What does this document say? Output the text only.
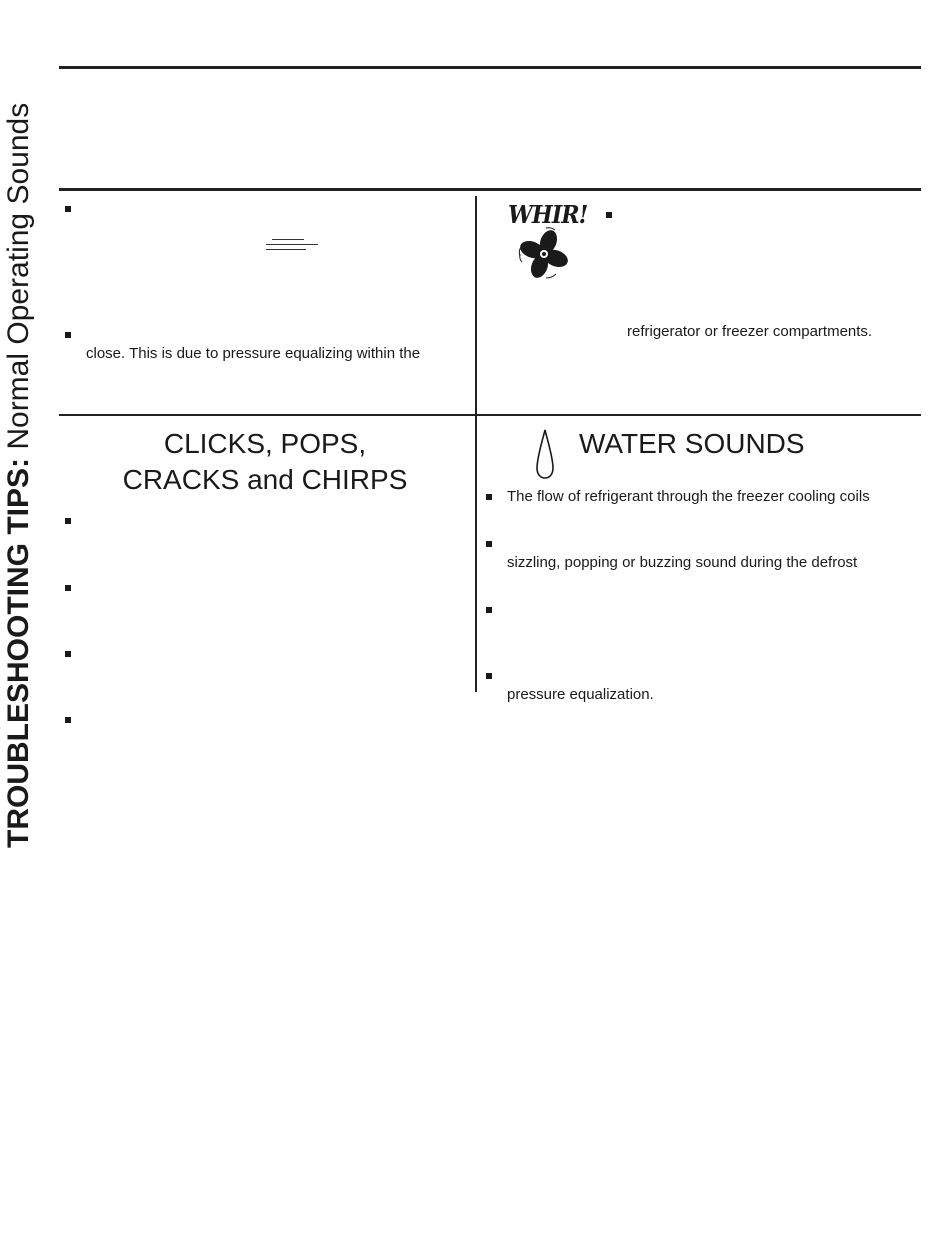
TROUBLESHOOTING TIPS: Normal Operating Sounds	close. This is due to pressure equalizing within the
WHIR!
refrigerator or freezer compartments.
CLICKS, POPS,
CRACKS and CHIRPS
WATER SOUNDS
The flow of refrigerant through the freezer cooling coils
sizzling, popping or buzzing sound during the defrost
pressure equalization.
